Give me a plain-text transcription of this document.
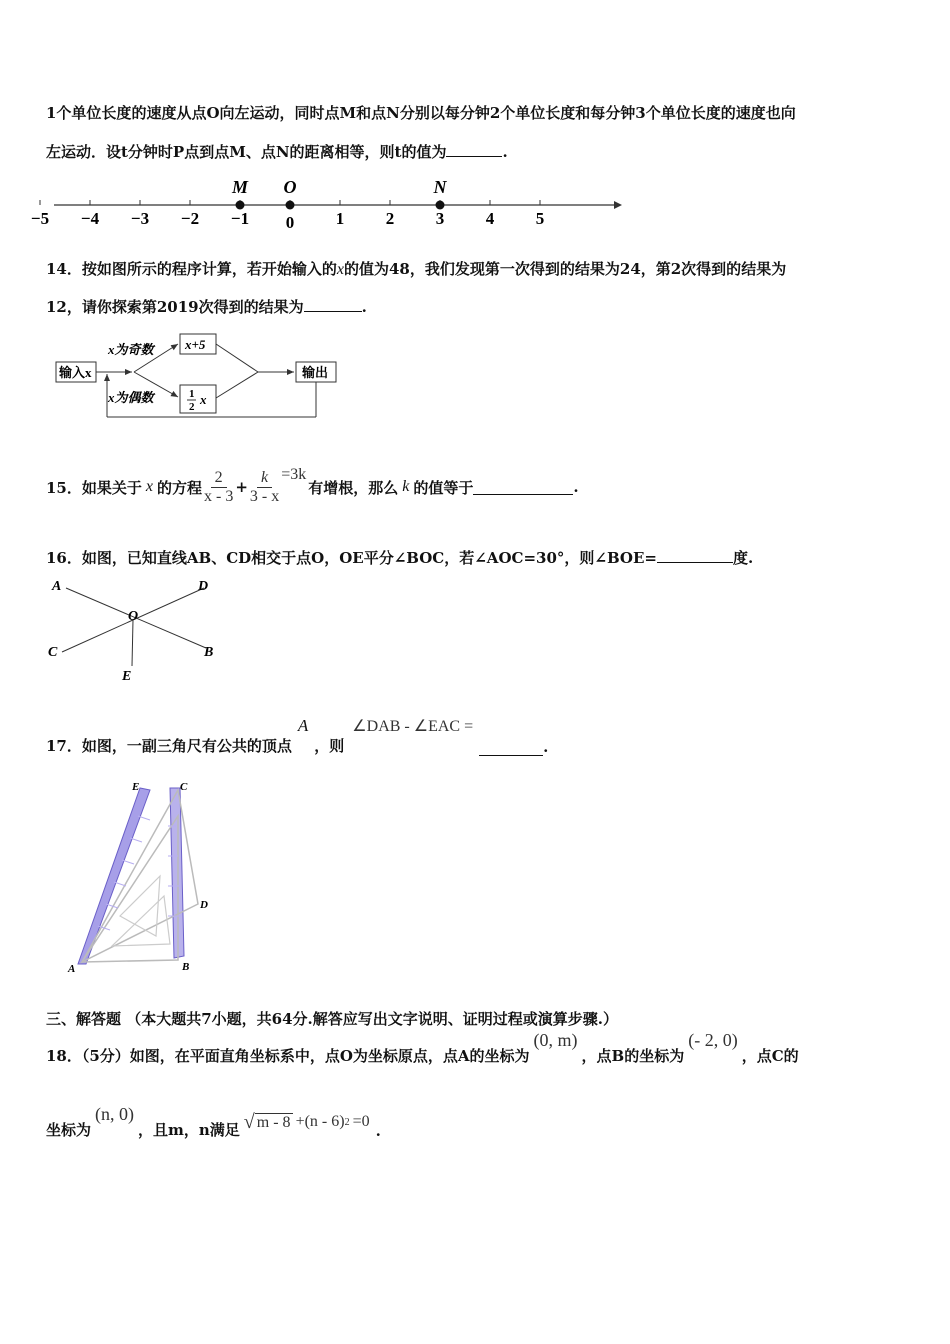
1个单位长度的速度从点O向左运动，同时点M和点N分别以每分钟2个单位长度和每分钟3个单位长度的速度也向
左运动．设t分钟时P点到点M、点N的距离相等，则t的值为	.
−5 −4 −3 −2 −1 0 1 2 3 4 5
M O	N
14．按如图所示的程序计算，若开始输入的x的值为48，我们发现第一次得到的结果为24，第2次得到的结果为
12，请你探索第2019次得到的结果为	.
输入x
x为奇数
x为偶数
x+5
1
2 x
输出
15．如果关于 x 的方程 $\frac{2}{x - 3} + \frac{k}{3 - x} =3k$
有增根，那么 k 的值等于	.
16．如图，已知直线AB、CD相交于点O，OE平分∠BOC，若∠AOC=30°，则∠BOE=	度.
A	D
O
C	B
E
17．如图，一副三角尺有公共的顶点
A
，则
∠DAB - ∠EAC =
.
E	C
D
A	B
三、解答题 （本大题共7小题，共64分.解答应写出文字说明、证明过程或演算步骤.）
18．（5分）如图，在平面直角坐标系中，点O为坐标原点，点A的坐标为
(0, m)
，点B的坐标为
(- 2, 0)
，点C的
坐标为
(n, 0)
，且m，n满足 √ m - 8 +(n - 6) 2 =0
.
